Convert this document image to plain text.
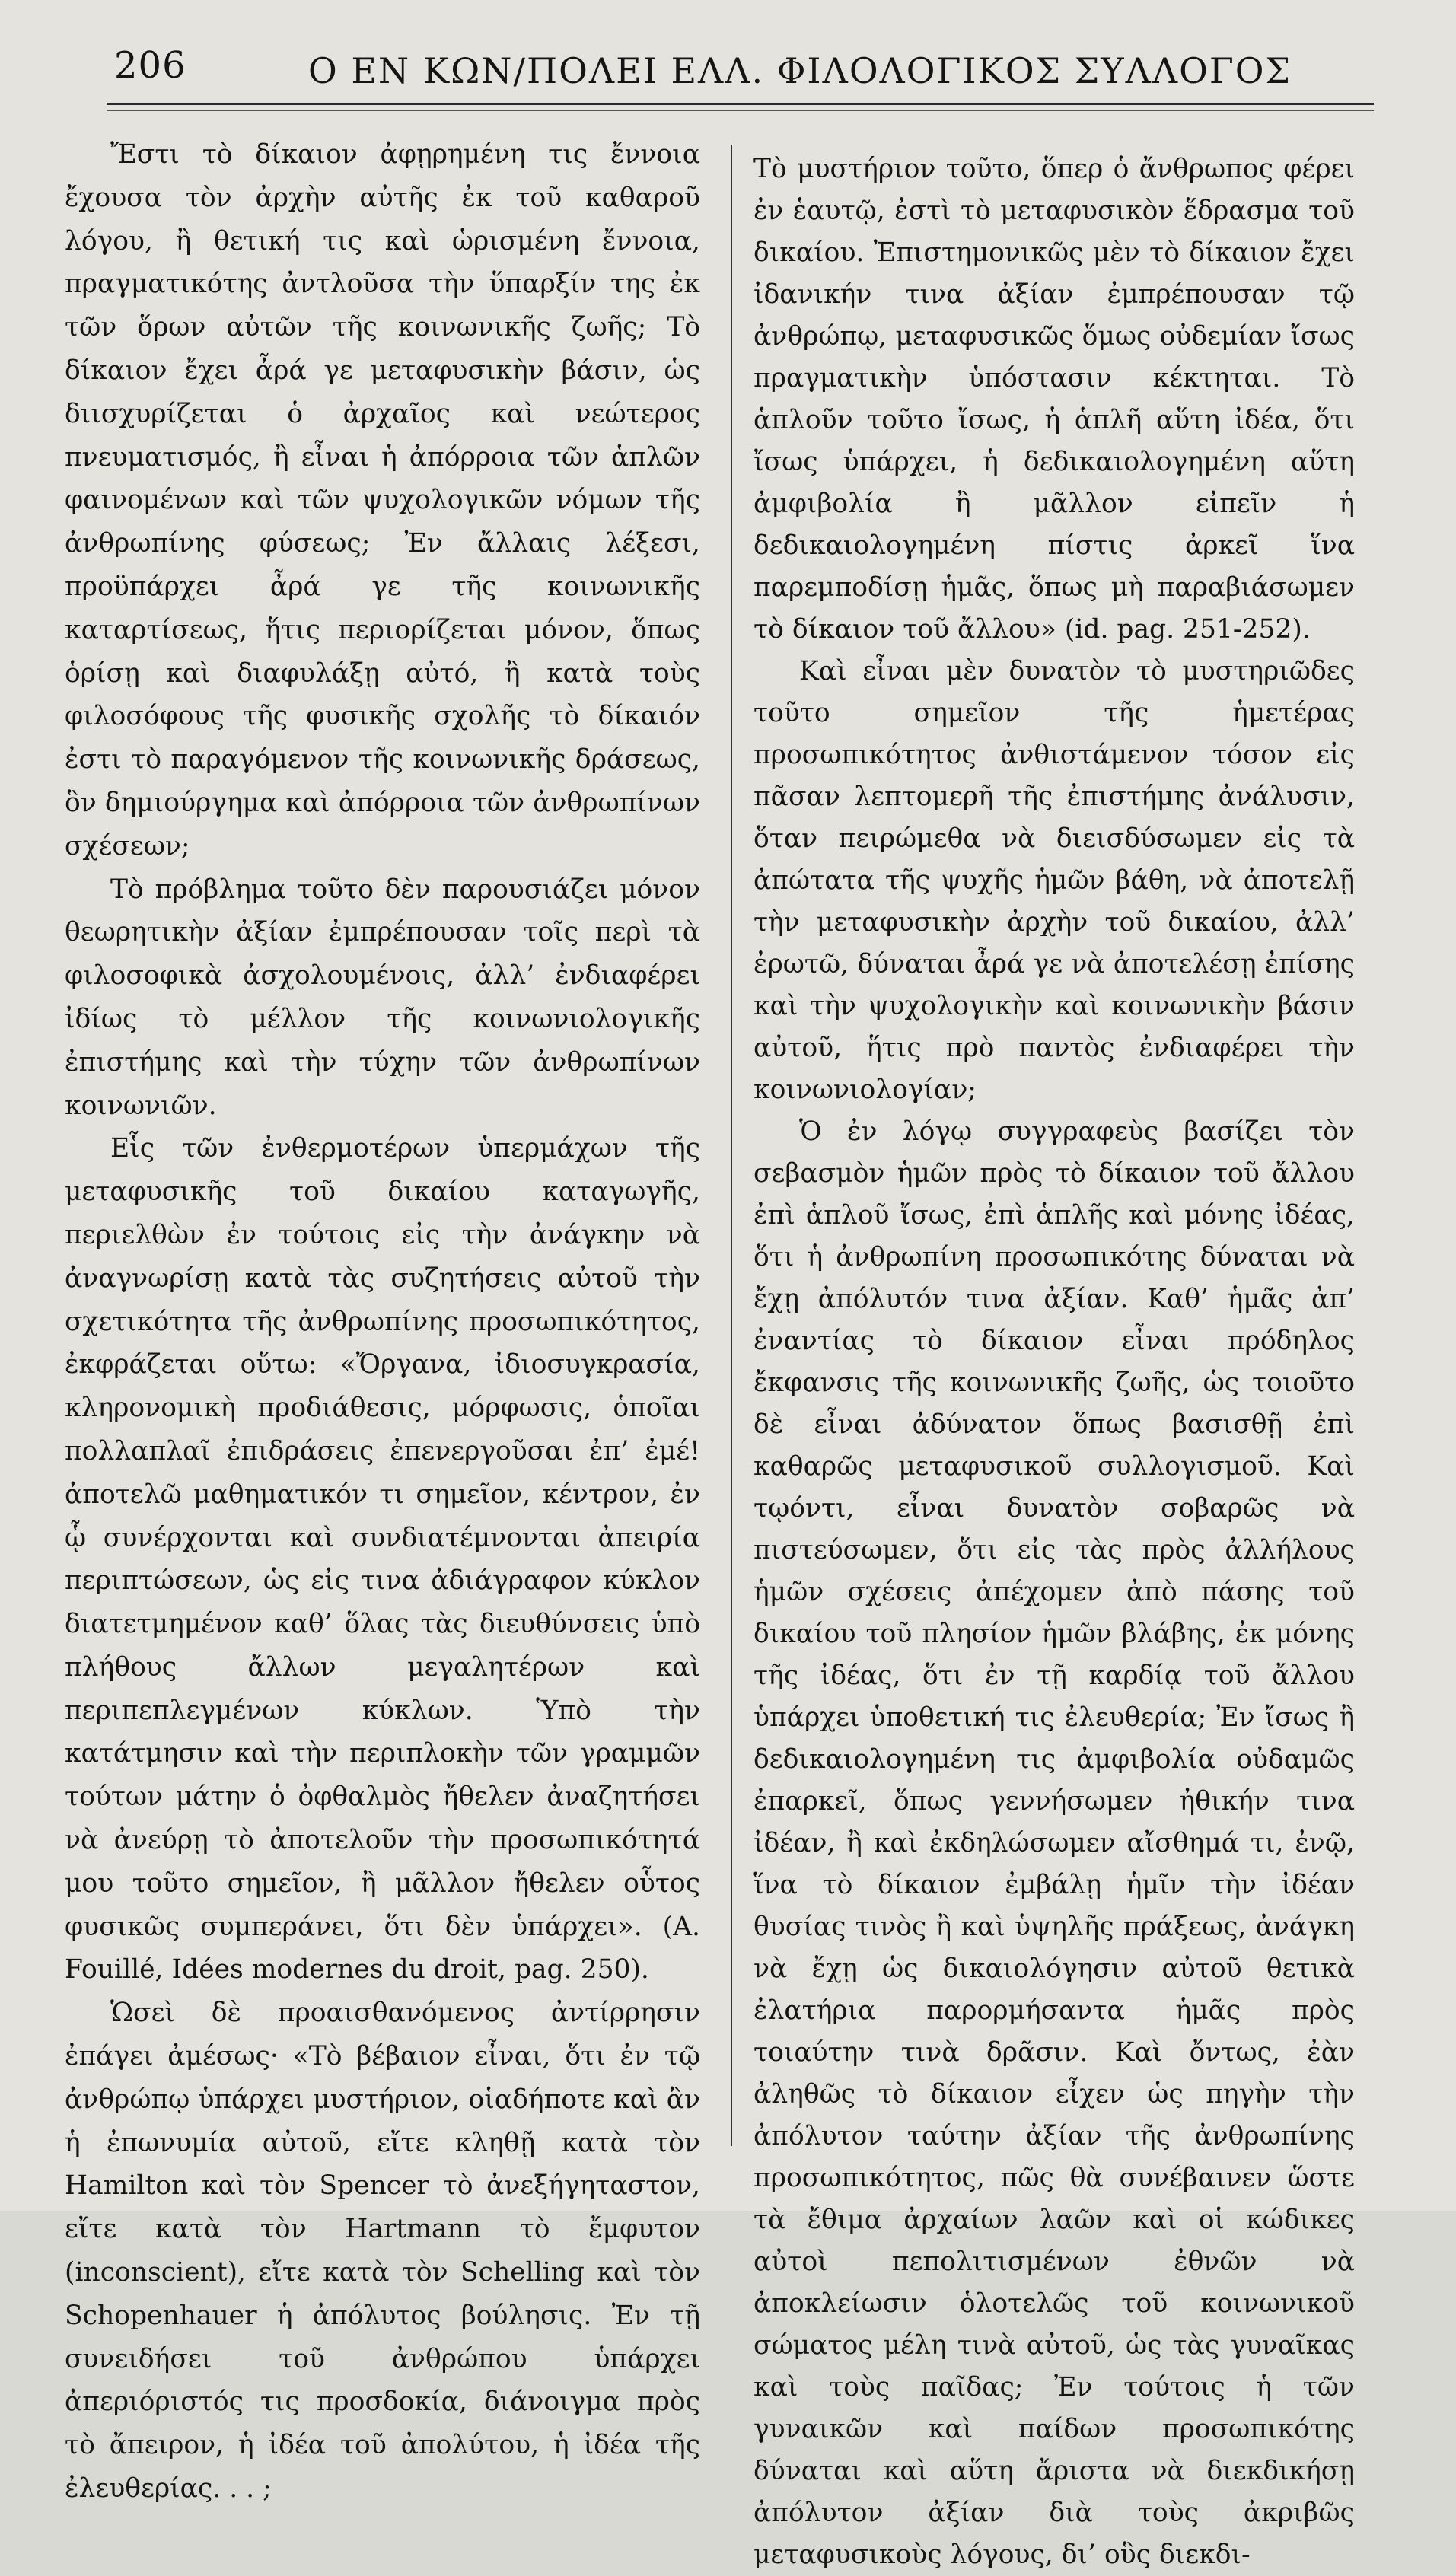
206	Ο ΕΝ ΚΩΝ/ΠΟΛΕΙ ΕΛΛ. ΦΙΛΟΛΟΓΙΚΟΣ ΣΥΛΛΟΓΟΣ

Ἔστι τὸ δίκαιον ἀφῃρημένη τις ἔννοια ἔχουσα τὸν ἀρχὴν αὐτῆς ἐκ τοῦ καθαροῦ λόγου, ἢ θετική τις καὶ ὡρισμένη ἔννοια, πραγματικότης ἀντλοῦσα τὴν ὕπαρξίν της ἐκ τῶν ὅρων αὐτῶν τῆς κοινωνικῆς ζωῆς; Τὸ δίκαιον ἔχει ἆρά γε μεταφυσικὴν βάσιν, ὡς διισχυρίζεται ὁ ἀρχαῖος καὶ νεώτερος πνευματισμός, ἢ εἶναι ἡ ἀπόρροια τῶν ἁπλῶν φαινομένων καὶ τῶν ψυχολογικῶν νόμων τῆς ἀνθρωπίνης φύσεως; Ἐν ἄλλαις λέξεσι, προϋπάρχει ἆρά γε τῆς κοινωνικῆς καταρτίσεως, ἥτις περιορίζεται μόνον, ὅπως ὁρίσῃ καὶ διαφυλάξῃ αὐτό, ἢ κατὰ τοὺς φιλοσόφους τῆς φυσικῆς σχολῆς τὸ δίκαιόν ἐστι τὸ παραγόμενον τῆς κοινωνικῆς δράσεως, ὃν δημιούργημα καὶ ἀπόρροια τῶν ἀνθρωπίνων σχέσεων;

Τὸ πρόβλημα τοῦτο δὲν παρουσιάζει μόνον θεωρητικὴν ἀξίαν ἐμπρέπουσαν τοῖς περὶ τὰ φιλοσοφικὰ ἀσχολουμένοις, ἀλλ’ ἐνδιαφέρει ἰδίως τὸ μέλλον τῆς κοινωνιολογικῆς ἐπιστήμης καὶ τὴν τύχην τῶν ἀνθρωπίνων κοινωνιῶν.

Εἷς τῶν ἐνθερμοτέρων ὑπερμάχων τῆς μεταφυσικῆς τοῦ δικαίου καταγωγῆς, περιελθὼν ἐν τούτοις εἰς τὴν ἀνάγκην νὰ ἀναγνωρίσῃ κατὰ τὰς συζητήσεις αὐτοῦ τὴν σχετικότητα τῆς ἀνθρωπίνης προσωπικότητος, ἐκφράζεται οὕτω: «Ὄργανα, ἰδιοσυγκρασία, κληρονομικὴ προδιάθεσις, μόρφωσις, ὁποῖαι πολλαπλαῖ ἐπιδράσεις ἐπενεργοῦσαι ἐπ’ ἐμέ! ἀποτελῶ μαθηματικόν τι σημεῖον, κέντρον, ἐν ᾧ συνέρχονται καὶ συνδιατέμνονται ἀπειρία περιπτώσεων, ὡς εἰς τινα ἀδιάγραφον κύκλον διατετμημένον καθ’ ὅλας τὰς διευθύνσεις ὑπὸ πλήθους ἄλλων μεγαλητέρων καὶ περιπεπλεγμένων κύκλων. Ὑπὸ τὴν κατάτμησιν καὶ τὴν περιπλοκὴν τῶν γραμμῶν τούτων μάτην ὁ ὀφθαλμὸς ἤθελεν ἀναζητήσει νὰ ἀνεύρῃ τὸ ἀποτελοῦν τὴν προσωπικότητά μου τοῦτο σημεῖον, ἢ μᾶλλον ἤθελεν οὗτος φυσικῶς συμπεράνει, ὅτι δὲν ὑπάρχει». (A. Fouillé, Idées modernes du droit, pag. 250).

Ὡσεὶ δὲ προαισθανόμενος ἀντίρρησιν ἐπάγει ἀμέσως· «Τὸ βέβαιον εἶναι, ὅτι ἐν τῷ ἀνθρώπῳ ὑπάρχει μυστήριον, οἱαδήποτε καὶ ἂν ἡ ἐπωνυμία αὐτοῦ, εἴτε κληθῇ κατὰ τὸν Hamilton καὶ τὸν Spencer τὸ ἀνεξήγηταστον, εἴτε κατὰ τὸν Hartmann τὸ ἔμφυτον (inconscient), εἴτε κατὰ τὸν Schelling καὶ τὸν Schopenhauer ἡ ἀπόλυτος βούλησις. Ἐν τῇ συνειδήσει τοῦ ἀνθρώπου ὑπάρχει ἀπεριόριστός τις προσδοκία, διάνοιγμα πρὸς τὸ ἄπειρον, ἡ ἰδέα τοῦ ἀπολύτου, ἡ ἰδέα τῆς ἐλευθερίας. . . ;

Τὸ μυστήριον τοῦτο, ὅπερ ὁ ἄνθρωπος φέρει ἐν ἑαυτῷ, ἐστὶ τὸ μεταφυσικὸν ἕδρασμα τοῦ δικαίου. Ἐπιστημονικῶς μὲν τὸ δίκαιον ἔχει ἰδανικήν τινα ἀξίαν ἐμπρέπουσαν τῷ ἀνθρώπῳ, μεταφυσικῶς ὅμως οὐδεμίαν ἴσως πραγματικὴν ὑπόστασιν κέκτηται. Τὸ ἁπλοῦν τοῦτο ἴσως, ἡ ἁπλῆ αὕτη ἰδέα, ὅτι ἴσως ὑπάρχει, ἡ δεδικαιολογημένη αὕτη ἀμφιβολία ἢ μᾶλλον εἰπεῖν ἡ δεδικαιολογημένη πίστις ἀρκεῖ ἵνα παρεμποδίσῃ ἡμᾶς, ὅπως μὴ παραβιάσωμεν τὸ δίκαιον τοῦ ἄλλου» (id. pag. 251-252).

Καὶ εἶναι μὲν δυνατὸν τὸ μυστηριῶδες τοῦτο σημεῖον τῆς ἡμετέρας προσωπικότητος ἀνθιστάμενον τόσον εἰς πᾶσαν λεπτομερῆ τῆς ἐπιστήμης ἀνάλυσιν, ὅταν πειρώμεθα νὰ διεισδύσωμεν εἰς τὰ ἀπώτατα τῆς ψυχῆς ἡμῶν βάθη, νὰ ἀποτελῇ τὴν μεταφυσικὴν ἀρχὴν τοῦ δικαίου, ἀλλ’ ἐρωτῶ, δύναται ἆρά γε νὰ ἀποτελέσῃ ἐπίσης καὶ τὴν ψυχολογικὴν καὶ κοινωνικὴν βάσιν αὐτοῦ, ἥτις πρὸ παντὸς ἐνδιαφέρει τὴν κοινωνιολογίαν;

Ὁ ἐν λόγῳ συγγραφεὺς βασίζει τὸν σεβασμὸν ἡμῶν πρὸς τὸ δίκαιον τοῦ ἄλλου ἐπὶ ἁπλοῦ ἴσως, ἐπὶ ἁπλῆς καὶ μόνης ἰδέας, ὅτι ἡ ἀνθρωπίνη προσωπικότης δύναται νὰ ἔχῃ ἀπόλυτόν τινα ἀξίαν. Καθ’ ἡμᾶς ἀπ’ ἐναντίας τὸ δίκαιον εἶναι πρόδηλος ἔκφανσις τῆς κοινωνικῆς ζωῆς, ὡς τοιοῦτο δὲ εἶναι ἀδύνατον ὅπως βασισθῇ ἐπὶ καθαρῶς μεταφυσικοῦ συλλογισμοῦ. Καὶ τῳόντι, εἶναι δυνατὸν σοβαρῶς νὰ πιστεύσωμεν, ὅτι εἰς τὰς πρὸς ἀλλήλους ἡμῶν σχέσεις ἀπέχομεν ἀπὸ πάσης τοῦ δικαίου τοῦ πλησίον ἡμῶν βλάβης, ἐκ μόνης τῆς ἰδέας, ὅτι ἐν τῇ καρδίᾳ τοῦ ἄλλου ὑπάρχει ὑποθετική τις ἐλευθερία; Ἐν ἴσως ἢ δεδικαιολογημένη τις ἀμφιβολία οὐδαμῶς ἐπαρκεῖ, ὅπως γεννήσωμεν ἠθικήν τινα ἰδέαν, ἢ καὶ ἐκδηλώσωμεν αἴσθημά τι, ἐνῷ, ἵνα τὸ δίκαιον ἐμβάλῃ ἡμῖν τὴν ἰδέαν θυσίας τινὸς ἢ καὶ ὑψηλῆς πράξεως, ἀνάγκη νὰ ἔχῃ ὡς δικαιολόγησιν αὐτοῦ θετικὰ ἐλατήρια παρορμήσαντα ἡμᾶς πρὸς τοιαύτην τινὰ δρᾶσιν. Καὶ ὄντως, ἐὰν ἀληθῶς τὸ δίκαιον εἶχεν ὡς πηγὴν τὴν ἀπόλυτον ταύτην ἀξίαν τῆς ἀνθρωπίνης προσωπικότητος, πῶς θὰ συνέβαινεν ὥστε τὰ ἔθιμα ἀρχαίων λαῶν καὶ οἱ κώδικες αὐτοὶ πεπολιτισμένων ἐθνῶν νὰ ἀποκλείωσιν ὁλοτελῶς τοῦ κοινωνικοῦ σώματος μέλη τινὰ αὐτοῦ, ὡς τὰς γυναῖκας καὶ τοὺς παῖδας; Ἐν τούτοις ἡ τῶν γυναικῶν καὶ παίδων προσωπικότης δύναται καὶ αὕτη ἄριστα νὰ διεκδικήσῃ ἀπόλυτον ἀξίαν διὰ τοὺς ἀκριβῶς μεταφυσικοὺς λόγους, δι’ οὓς διεκδι-
